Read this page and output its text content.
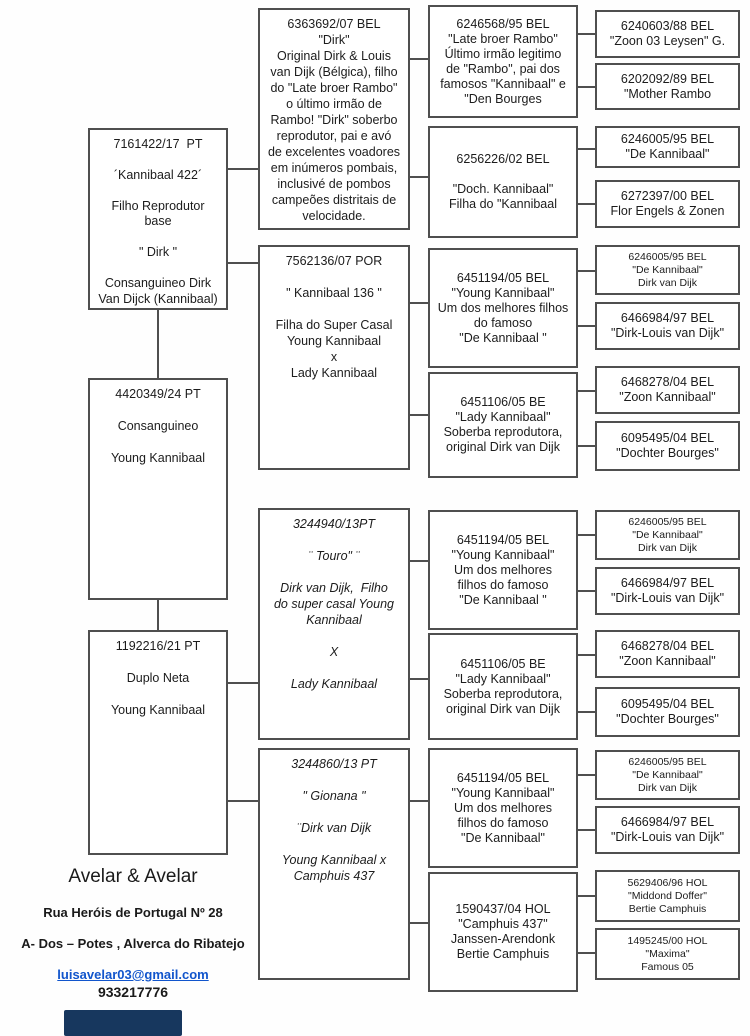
7161422/17  PT

´Kannibaal 422´

Filho Reprodutor
base

" Dirk "

Consanguineo Dirk
Van Dijck (Kannibaal)
4420349/24 PT

Consanguineo

Young Kannibaal
1192216/21 PT

Duplo Neta

Young Kannibaal
6363692/07 BEL
"Dirk"
Original Dirk & Louis
van Dijk (Bélgica), filho
do "Late broer Rambo"
o último irmão de
Rambo! "Dirk" soberbo
reprodutor, pai e avó
de excelentes voadores
em inúmeros pombais,
inclusivé de pombos
campeões distritais de
velocidade.
7562136/07 POR

" Kannibaal 136 "

Filha do Super Casal
Young Kannibaal
x
Lady Kannibaal
3244940/13PT

¨ Touro" ¨

Dirk van Dijk,  Filho
do super casal Young
Kannibaal

X

Lady Kannibaal
3244860/13 PT

" Gionana "

¨Dirk van Dijk

Young Kannibaal x
Camphuis 437
6246568/95 BEL
"Late broer Rambo"
Último irmão legitimo
de "Rambo", pai dos
famosos "Kannibaal" e
"Den Bourges
6256226/02 BEL

"Doch. Kannibaal"
Filha do "Kannibaal
6451194/05 BEL
"Young Kannibaal"
Um dos melhores filhos
do famoso
"De Kannibaal "
6451106/05 BE
"Lady Kannibaal"
Soberba reprodutora,
original Dirk van Dijk
6451194/05 BEL
"Young Kannibaal"
Um dos melhores
filhos do famoso
"De Kannibaal "
6451106/05 BE
"Lady Kannibaal"
Soberba reprodutora,
original Dirk van Dijk
6451194/05 BEL
"Young Kannibaal"
Um dos melhores
filhos do famoso
"De Kannibaal"
1590437/04 HOL
"Camphuis 437"
Janssen-Arendonk
Bertie Camphuis
6240603/88 BEL
"Zoon 03 Leysen" G.
6202092/89 BEL
"Mother Rambo
6246005/95 BEL
"De Kannibaal"
6272397/00 BEL
Flor Engels & Zonen
6246005/95 BEL
"De Kannibaal"
Dirk van Dijk
6466984/97 BEL
"Dirk-Louis van Dijk"
6468278/04 BEL
"Zoon Kannibaal"
6095495/04 BEL
"Dochter Bourges"
6246005/95 BEL
"De Kannibaal"
Dirk van Dijk
6466984/97 BEL
"Dirk-Louis van Dijk"
6468278/04 BEL
"Zoon Kannibaal"
6095495/04 BEL
"Dochter Bourges"
6246005/95 BEL
"De Kannibaal"
Dirk van Dijk
6466984/97 BEL
"Dirk-Louis van Dijk"
5629406/96 HOL
"Middond Doffer"
Bertie Camphuis
1495245/00 HOL
"Maxima"
Famous 05
Avelar & Avelar
Rua Heróis de Portugal Nº 28
A- Dos – Potes , Alverca do Ribatejo
luisavelar03@gmail.com
933217776
